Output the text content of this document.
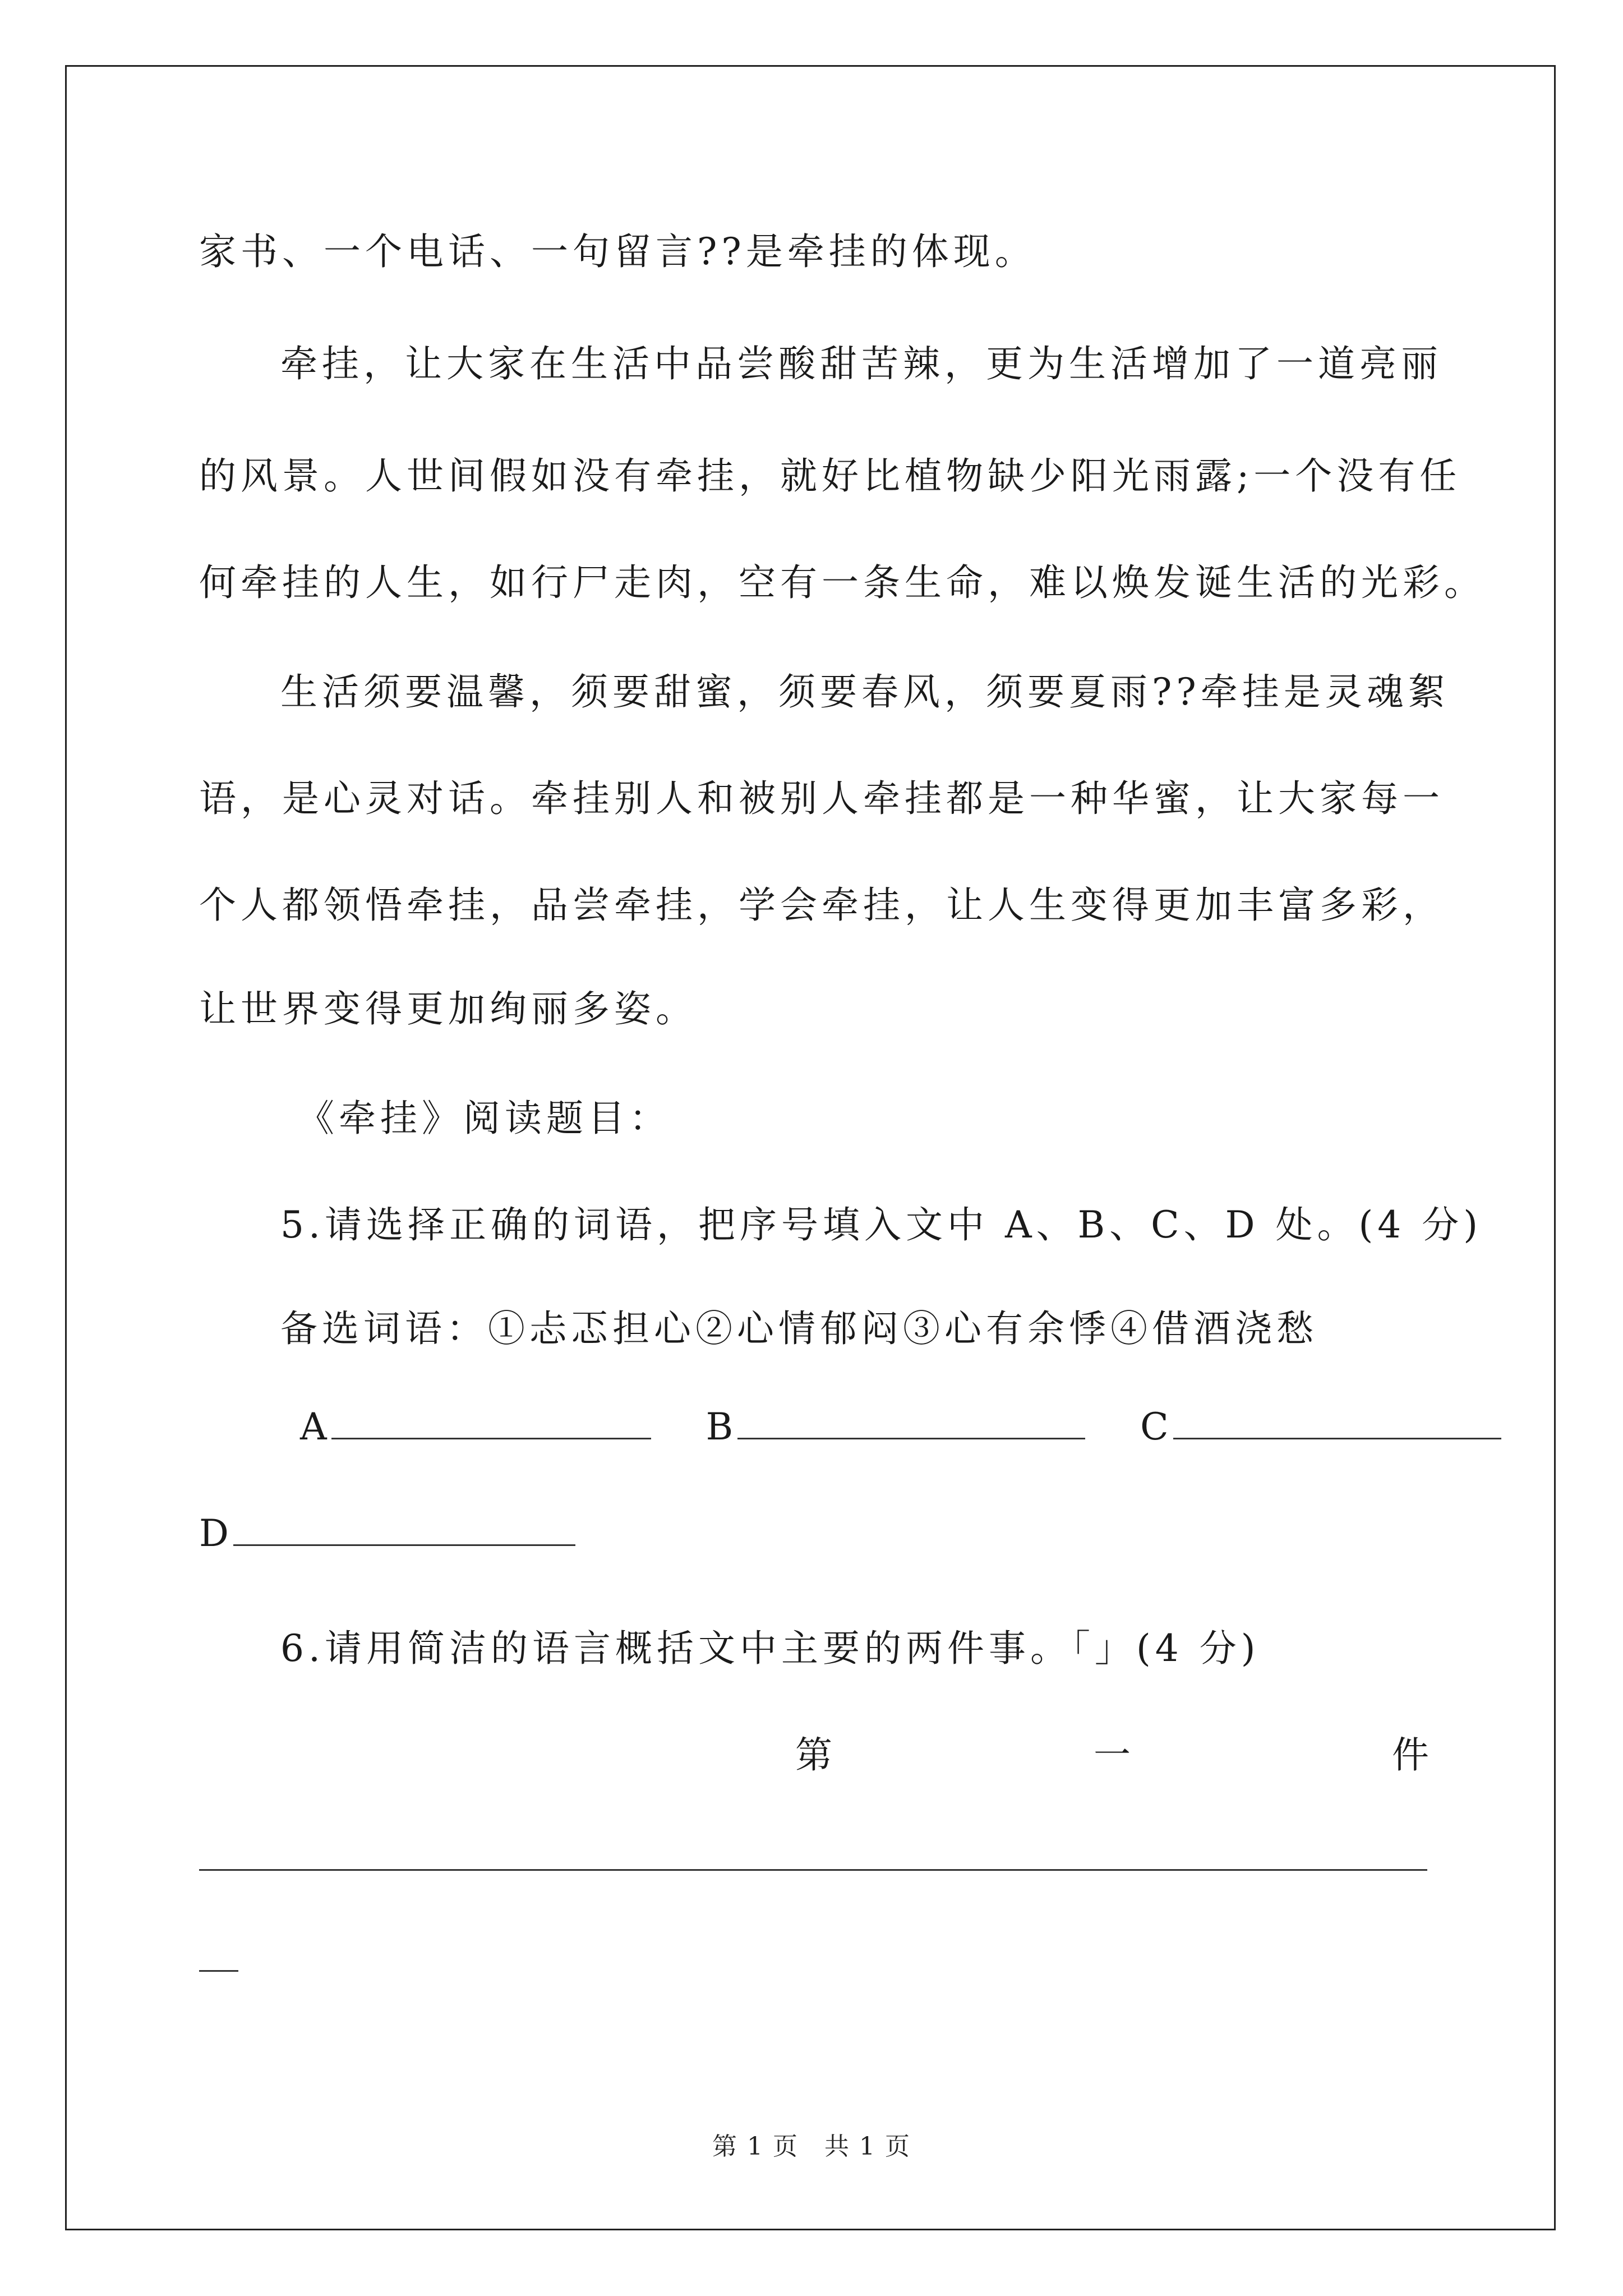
家书、一个电话、一句留言??是牵挂的体现。
牵挂，让大家在生活中品尝酸甜苦辣，更为生活增加了一道亮丽
的风景。人世间假如没有牵挂，就好比植物缺少阳光雨露;一个没有任
何牵挂的人生，如行尸走肉，空有一条生命，难以焕发诞生活的光彩。
生活须要温馨，须要甜蜜，须要春风，须要夏雨??牵挂是灵魂絮
语，是心灵对话。牵挂别人和被别人牵挂都是一种华蜜，让大家每一
个人都领悟牵挂，品尝牵挂，学会牵挂，让人生变得更加丰富多彩，
让世界变得更加绚丽多姿。
《牵挂》阅读题目：
5.请选择正确的词语，把序号填入文中 A、B、C、D 处。(4 分)
备选词语：①忐忑担心②心情郁闷③心有余悸④借酒浇愁
A	B	C
D
6.请用简洁的语言概括文中主要的两件事。「」(4 分)
第	一	件
第 1 页　共 1 页
